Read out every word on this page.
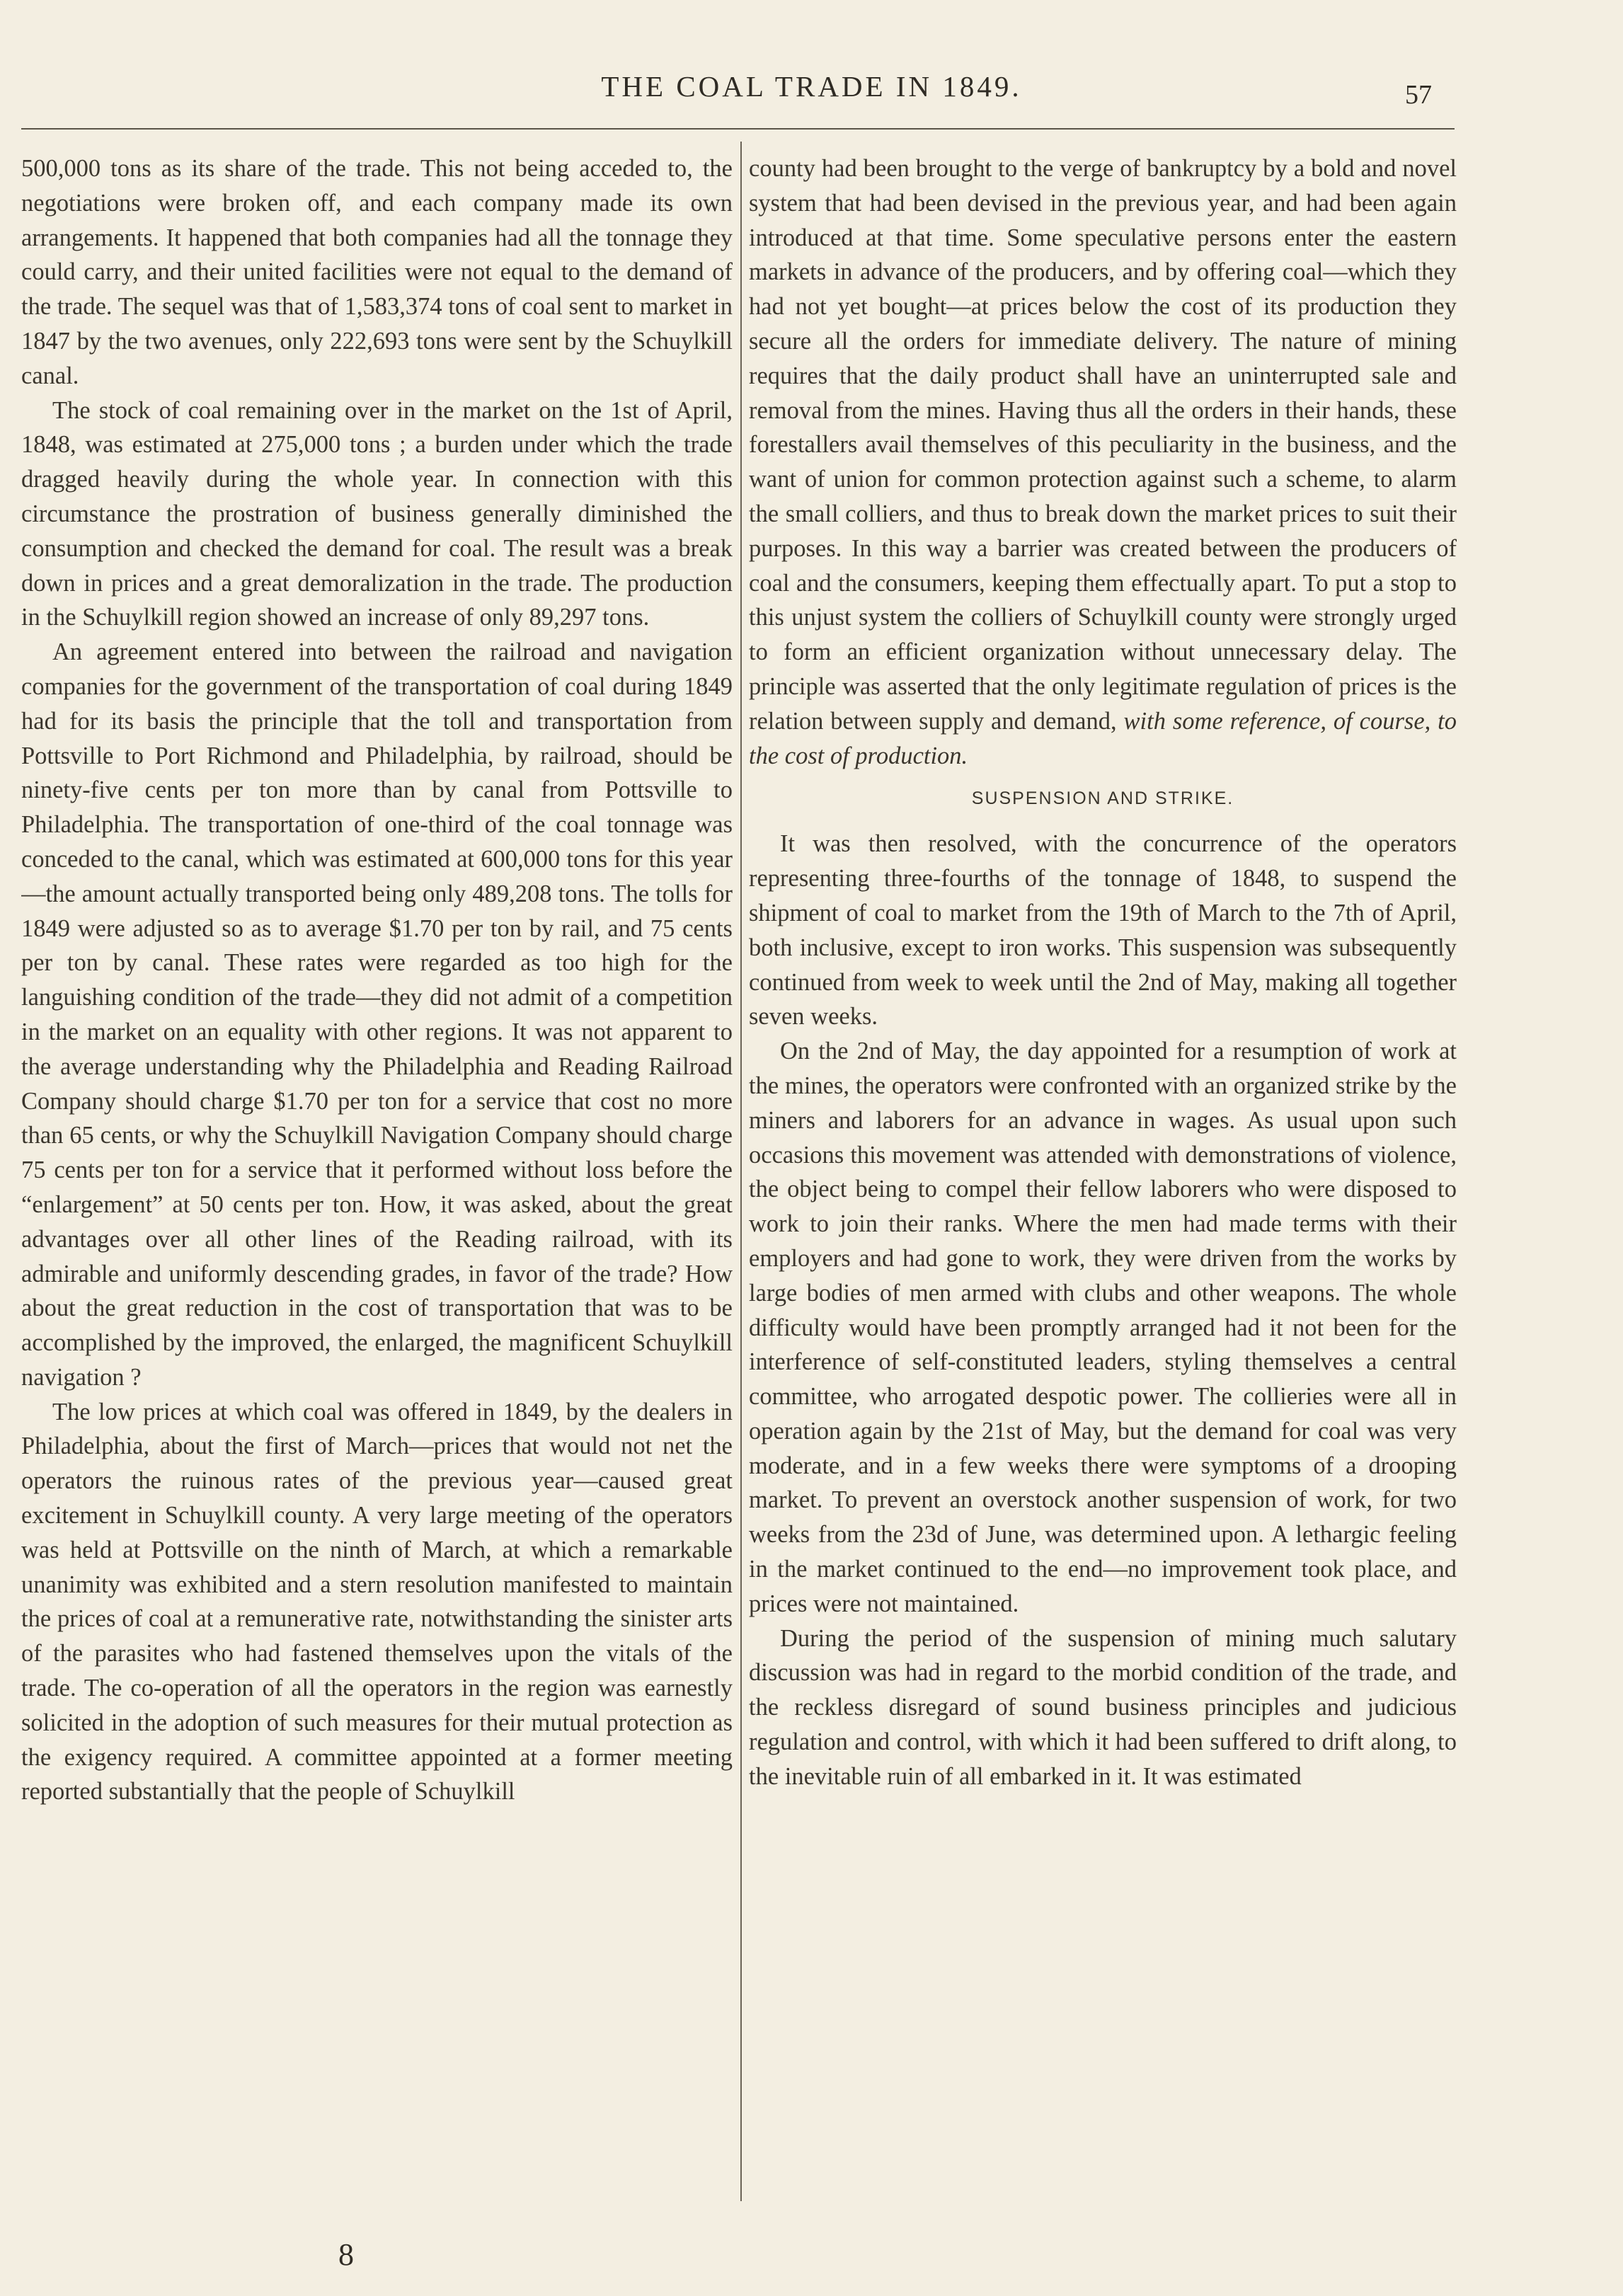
THE COAL TRADE IN 1849.	57

500,000 tons as its share of the trade. This not being acceded to, the negotiations were broken off, and each company made its own arrangements. It happened that both companies had all the tonnage they could carry, and their united facilities were not equal to the demand of the trade. The sequel was that of 1,583,374 tons of coal sent to market in 1847 by the two avenues, only 222,693 tons were sent by the Schuylkill canal.

The stock of coal remaining over in the market on the 1st of April, 1848, was estimated at 275,000 tons ; a burden under which the trade dragged heavily during the whole year. In connection with this circumstance the prostration of business generally diminished the consumption and checked the demand for coal. The result was a break down in prices and a great demoralization in the trade. The production in the Schuylkill region showed an increase of only 89,297 tons.

An agreement entered into between the railroad and navigation companies for the government of the transportation of coal during 1849 had for its basis the principle that the toll and transportation from Pottsville to Port Richmond and Philadelphia, by railroad, should be ninety-five cents per ton more than by canal from Pottsville to Philadelphia. The transportation of one-third of the coal tonnage was conceded to the canal, which was estimated at 600,000 tons for this year—the amount actually transported being only 489,208 tons. The tolls for 1849 were adjusted so as to average $1.70 per ton by rail, and 75 cents per ton by canal. These rates were regarded as too high for the languishing condition of the trade—they did not admit of a competition in the market on an equality with other regions. It was not apparent to the average understanding why the Philadelphia and Reading Railroad Company should charge $1.70 per ton for a service that cost no more than 65 cents, or why the Schuylkill Navigation Company should charge 75 cents per ton for a service that it performed without loss before the “enlargement” at 50 cents per ton. How, it was asked, about the great advantages over all other lines of the Reading railroad, with its admirable and uniformly descending grades, in favor of the trade? How about the great reduction in the cost of transportation that was to be accomplished by the improved, the enlarged, the magnificent Schuylkill navigation ?

The low prices at which coal was offered in 1849, by the dealers in Philadelphia, about the first of March—prices that would not net the operators the ruinous rates of the previous year—caused great excitement in Schuylkill county. A very large meeting of the operators was held at Pottsville on the ninth of March, at which a remarkable unanimity was exhibited and a stern resolution manifested to maintain the prices of coal at a remunerative rate, notwithstanding the sinister arts of the parasites who had fastened themselves upon the vitals of the trade. The co-operation of all the operators in the region was earnestly solicited in the adoption of such measures for their mutual protection as the exigency required. A committee appointed at a former meeting reported substantially that the people of Schuylkill

county had been brought to the verge of bankruptcy by a bold and novel system that had been devised in the previous year, and had been again introduced at that time. Some speculative persons enter the eastern markets in advance of the producers, and by offering coal—which they had not yet bought—at prices below the cost of its production they secure all the orders for immediate delivery. The nature of mining requires that the daily product shall have an uninterrupted sale and removal from the mines. Having thus all the orders in their hands, these forestallers avail themselves of this peculiarity in the business, and the want of union for common protection against such a scheme, to alarm the small colliers, and thus to break down the market prices to suit their purposes. In this way a barrier was created between the producers of coal and the consumers, keeping them effectually apart. To put a stop to this unjust system the colliers of Schuylkill county were strongly urged to form an efficient organization without unnecessary delay. The principle was asserted that the only legitimate regulation of prices is the relation between supply and demand, with some reference, of course, to the cost of production.

SUSPENSION AND STRIKE.

It was then resolved, with the concurrence of the operators representing three-fourths of the tonnage of 1848, to suspend the shipment of coal to market from the 19th of March to the 7th of April, both inclusive, except to iron works. This suspension was subsequently continued from week to week until the 2nd of May, making all together seven weeks.

On the 2nd of May, the day appointed for a resumption of work at the mines, the operators were confronted with an organized strike by the miners and laborers for an advance in wages. As usual upon such occasions this movement was attended with demonstrations of violence, the object being to compel their fellow laborers who were disposed to work to join their ranks. Where the men had made terms with their employers and had gone to work, they were driven from the works by large bodies of men armed with clubs and other weapons. The whole difficulty would have been promptly arranged had it not been for the interference of self-constituted leaders, styling themselves a central committee, who arrogated despotic power. The collieries were all in operation again by the 21st of May, but the demand for coal was very moderate, and in a few weeks there were symptoms of a drooping market. To prevent an overstock another suspension of work, for two weeks from the 23d of June, was determined upon. A lethargic feeling in the market continued to the end—no improvement took place, and prices were not maintained.

During the period of the suspension of mining much salutary discussion was had in regard to the morbid condition of the trade, and the reckless disregard of sound business principles and judicious regulation and control, with which it had been suffered to drift along, to the inevitable ruin of all embarked in it. It was estimated

8
